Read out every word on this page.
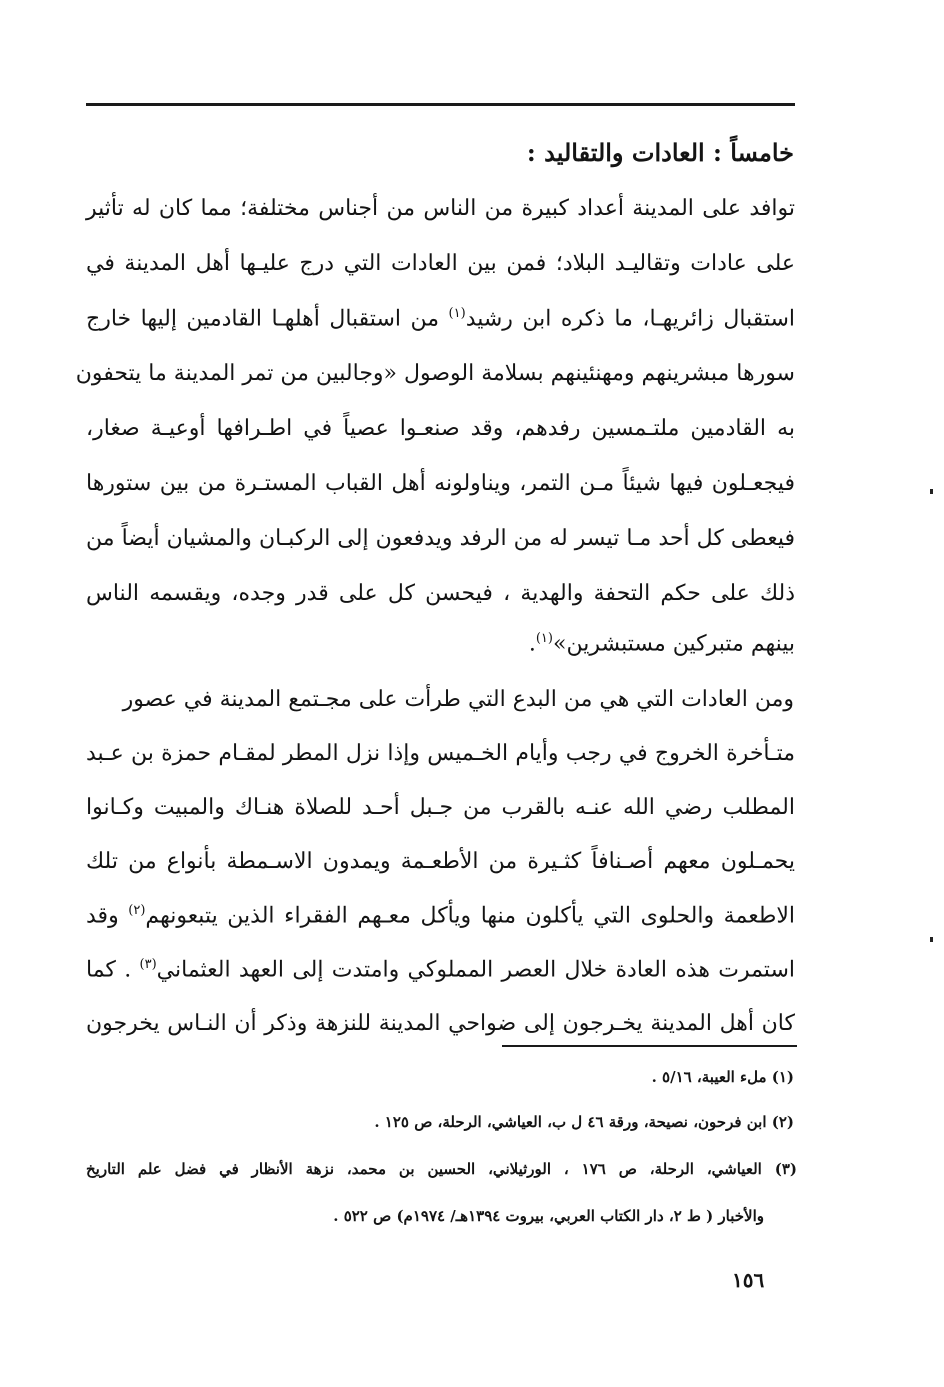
خامساً : العادات والتقاليد :
توافد على المدينة أعداد كبيرة من الناس من أجناس مختلفة؛ مما كان له تأثير
على عادات وتقاليـد البلاد؛ فمن بين العادات التي درج عليـها أهل المدينة في
استقبال زائريهـا، ما ذكره ابن رشيد$^{(١)}$ من استقبال أهلهـا القادمين إليها خارج
سورها مبشرينهم ومهنئينهم بسلامة الوصول «وجالبين من تمر المدينة ما يتحفون
به القادمين ملتـمسين رفدهم، وقد صنعـوا عصياً في اطـرافها أوعيـة صغار،
فيجعـلون فيها شيئاً مـن التمر، ويناولونه أهل القباب المستـرة من بين ستورها
فيعطى كل أحد مـا تيسر له من الرفد ويدفعون إلى الركبـان والمشيان أيضاً من
ذلك على حكم التحفة والهدية ، فيحسن كل على قدر وجده، ويقسمه الناس
بينهم متبركين مستبشرين»$^{(١)}$.
ومن العادات التي هي من البدع التي طرأت على مجـتمع المدينة في عصور
متـأخرة الخروج في رجب وأيام الخـميس وإذا نزل المطر لمقـام حمزة بن عـبد
المطلب رضي الله عنـه بالقرب من جـبل أحـد للصلاة هنـاك والمبيت وكـانوا
يحمـلون معهم أصـنافاً كثـيرة من الأطعـمة ويمدون الاسـمطة بأنواع من تلك
الاطعمة والحلوى التي يأكلون منها ويأكل معـهم الفقراء الذين يتبعونهم$^{(٢)}$ وقد
استمرت هذه العادة خلال العصر المملوكي وامتدت إلى العهد العثماني$^{(٣)}$ . كما
كان أهل المدينة يخـرجون إلى ضواحي المدينة للنزهة وذكر أن النـاس يخرجون
(١) ملء العيبة، ٥/١٦ .
(٢) ابن فرحون، نصيحة، ورقة ٤٦ ل ب، العياشي، الرحلة، ص ١٢٥ .
(٣) العياشي، الرحلة، ص ١٧٦ ، الورثيلاني، الحسين بن محمد، نزهة الأنظار في فضل علم التاريخ
والأخبار ( ط ٢، دار الكتاب العربي، بيروت ١٣٩٤هـ/ ١٩٧٤م) ص ٥٢٢ .
١٥٦
